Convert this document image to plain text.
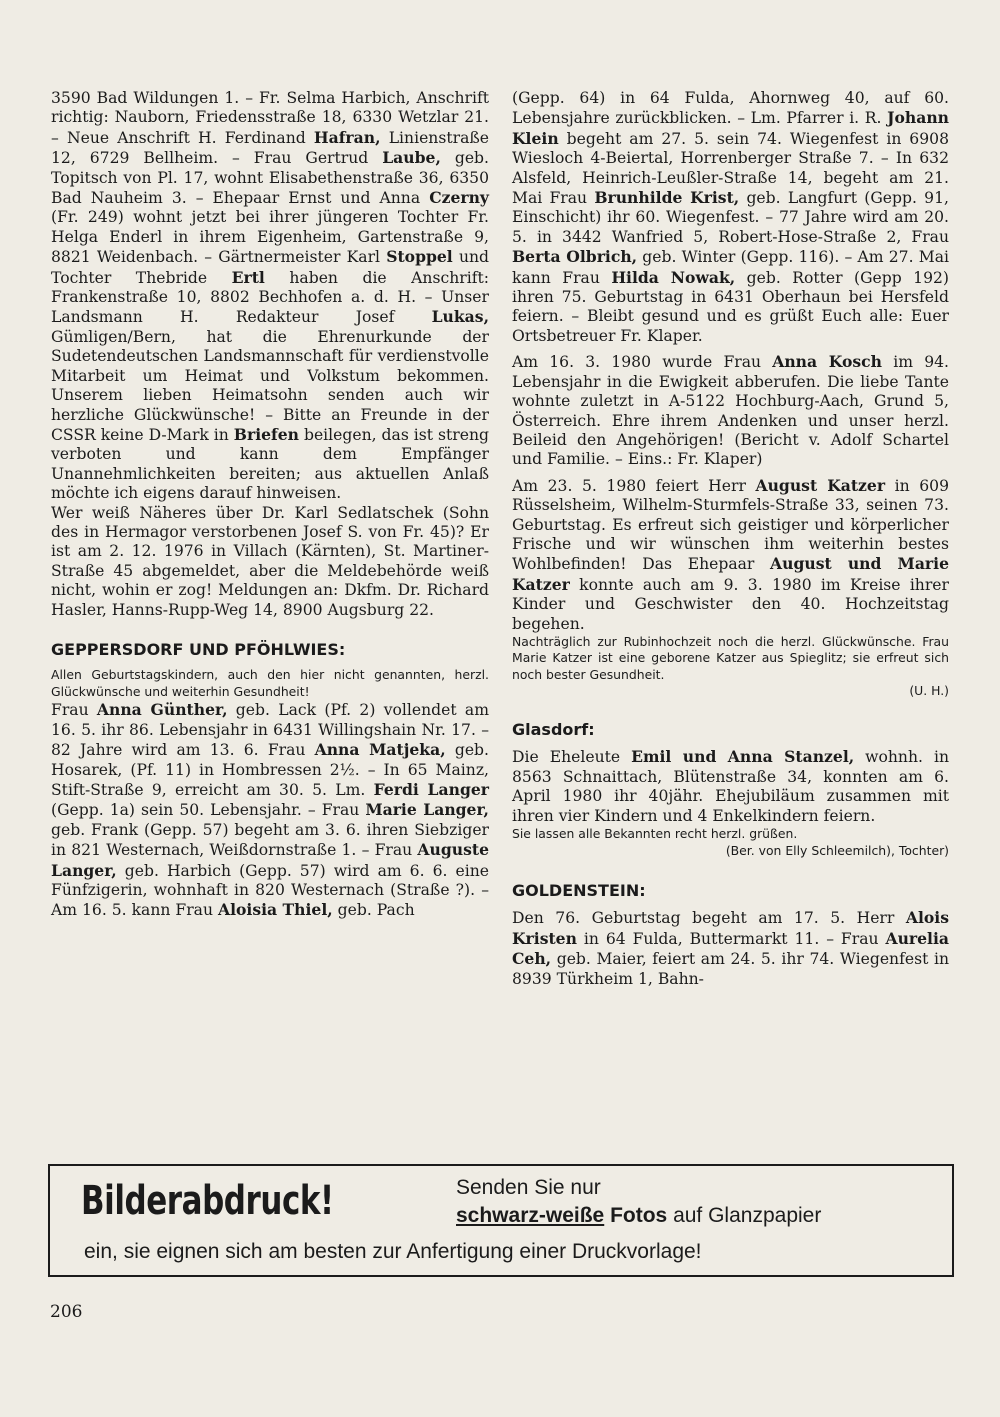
3590 Bad Wildungen 1. – Fr. Selma Harbich, Anschrift richtig: Nauborn, Friedensstraße 18, 6330 Wetzlar 21. – Neue Anschrift H. Ferdinand Hafran, Linienstraße 12, 6729 Bellheim. – Frau Gertrud Laube, geb. Topitsch von Pl. 17, wohnt Elisabethenstraße 36, 6350 Bad Nauheim 3. – Ehepaar Ernst und Anna Czerny (Fr. 249) wohnt jetzt bei ihrer jüngeren Tochter Fr. Helga Enderl in ihrem Eigenheim, Gartenstraße 9, 8821 Weidenbach. – Gärtnermeister Karl Stoppel und Tochter Thebride Ertl haben die Anschrift: Frankenstraße 10, 8802 Bechhofen a. d. H. – Unser Landsmann H. Redakteur Josef Lukas, Gümligen/Bern, hat die Ehrenurkunde der Sudetendeutschen Landsmannschaft für verdienstvolle Mitarbeit um Heimat und Volkstum bekommen. Unserem lieben Heimatsohn senden auch wir herzliche Glückwünsche! – Bitte an Freunde in der CSSR keine D-Mark in Briefen beilegen, das ist streng verboten und kann dem Empfänger Unannehmlichkeiten bereiten; aus aktuellen Anlaß möchte ich eigens darauf hinweisen.

Wer weiß Näheres über Dr. Karl Sedlatschek (Sohn des in Hermagor verstorbenen Josef S. von Fr. 45)? Er ist am 2. 12. 1976 in Villach (Kärnten), St. Martiner-Straße 45 abgemeldet, aber die Meldebehörde weiß nicht, wohin er zog! Meldungen an: Dkfm. Dr. Richard Hasler, Hanns-Rupp-Weg 14, 8900 Augsburg 22.

GEPPERSDORF UND PFÖHLWIES:

Allen Geburtstagskindern, auch den hier nicht genannten, herzl. Glückwünsche und weiterhin Gesundheit!

Frau Anna Günther, geb. Lack (Pf. 2) vollendet am 16. 5. ihr 86. Lebensjahr in 6431 Willingshain Nr. 17. – 82 Jahre wird am 13. 6. Frau Anna Matjeka, geb. Hosarek, (Pf. 11) in Hombressen 2½. – In 65 Mainz, Stift-Straße 9, erreicht am 30. 5. Lm. Ferdi Langer (Gepp. 1a) sein 50. Lebensjahr. – Frau Marie Langer, geb. Frank (Gepp. 57) begeht am 3. 6. ihren Siebziger in 821 Westernach, Weißdornstraße 1. – Frau Auguste Langer, geb. Harbich (Gepp. 57) wird am 6. 6. eine Fünfzigerin, wohnhaft in 820 Westernach (Straße ?). – Am 16. 5. kann Frau Aloisia Thiel, geb. Pach

(Gepp. 64) in 64 Fulda, Ahornweg 40, auf 60. Lebensjahre zurückblicken. – Lm. Pfarrer i. R. Johann Klein begeht am 27. 5. sein 74. Wiegenfest in 6908 Wiesloch 4-Beiertal, Horrenberger Straße 7. – In 632 Alsfeld, Heinrich-Leußler-Straße 14, begeht am 21. Mai Frau Brunhilde Krist, geb. Langfurt (Gepp. 91, Einschicht) ihr 60. Wiegenfest. – 77 Jahre wird am 20. 5. in 3442 Wanfried 5, Robert-Hose-Straße 2, Frau Berta Olbrich, geb. Winter (Gepp. 116). – Am 27. Mai kann Frau Hilda Nowak, geb. Rotter (Gepp 192) ihren 75. Geburtstag in 6431 Oberhaun bei Hersfeld feiern. – Bleibt gesund und es grüßt Euch alle: Euer Ortsbetreuer Fr. Klaper.

Am 16. 3. 1980 wurde Frau Anna Kosch im 94. Lebensjahr in die Ewigkeit abberufen. Die liebe Tante wohnte zuletzt in A-5122 Hochburg-Aach, Grund 5, Österreich. Ehre ihrem Andenken und unser herzl. Beileid den Angehörigen! (Bericht v. Adolf Schartel und Familie. – Eins.: Fr. Klaper)

Am 23. 5. 1980 feiert Herr August Katzer in 609 Rüsselsheim, Wilhelm-Sturmfels-Straße 33, seinen 73. Geburtstag. Es erfreut sich geistiger und körperlicher Frische und wir wünschen ihm weiterhin bestes Wohlbefinden! Das Ehepaar August und Marie Katzer konnte auch am 9. 3. 1980 im Kreise ihrer Kinder und Geschwister den 40. Hochzeitstag begehen.

Nachträglich zur Rubinhochzeit noch die herzl. Glückwünsche. Frau Marie Katzer ist eine geborene Katzer aus Spieglitz; sie erfreut sich noch bester Gesundheit.

(U. H.)

Glasdorf:

Die Eheleute Emil und Anna Stanzel, wohnh. in 8563 Schnaittach, Blütenstraße 34, konnten am 6. April 1980 ihr 40jähr. Ehejubiläum zusammen mit ihren vier Kindern und 4 Enkelkindern feiern.

Sie lassen alle Bekannten recht herzl. grüßen.

(Ber. von Elly Schleemilch), Tochter)

GOLDENSTEIN:

Den 76. Geburtstag begeht am 17. 5. Herr Alois Kristen in 64 Fulda, Buttermarkt 11. – Frau Aurelia Ceh, geb. Maier, feiert am 24. 5. ihr 74. Wiegenfest in 8939 Türkheim 1, Bahn-

Bilderabdruck!	Senden Sie nur
schwarz-weiße Fotos auf Glanzpapier
ein, sie eignen sich am besten zur Anfertigung einer Druckvorlage!
206
